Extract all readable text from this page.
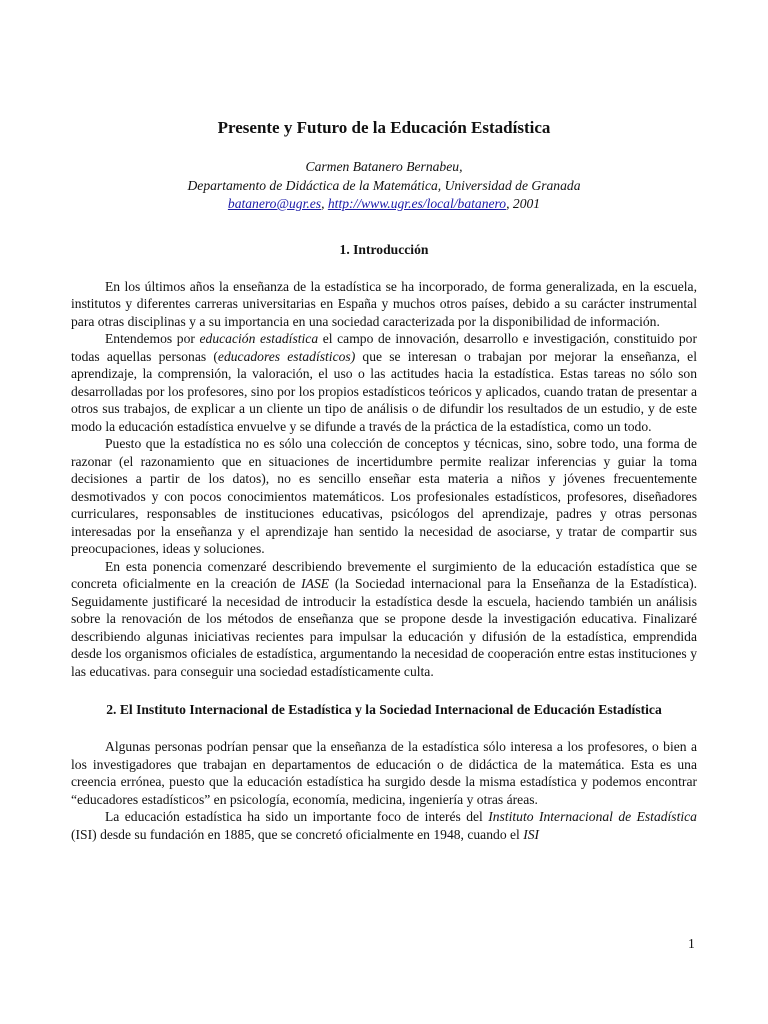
Presente y Futuro de la Educación Estadística
Carmen Batanero Bernabeu,
Departamento de Didáctica de la Matemática, Universidad de Granada
batanero@ugr.es, http://www.ugr.es/local/batanero, 2001
1. Introducción

En los últimos años la enseñanza de la estadística se ha incorporado, de forma generalizada, en la escuela, institutos y diferentes carreras universitarias en España y muchos otros países, debido a su carácter instrumental para otras disciplinas y a su importancia en una sociedad caracterizada por la disponibilidad de información.

Entendemos por educación estadística el campo de innovación, desarrollo e investigación, constituido por todas aquellas personas (educadores estadísticos) que se interesan o trabajan por mejorar la enseñanza, el aprendizaje, la comprensión, la valoración, el uso o las actitudes hacia la estadística. Estas tareas no sólo son desarrolladas por los profesores, sino por los propios estadísticos teóricos y aplicados, cuando tratan de presentar a otros sus trabajos, de explicar a un cliente un tipo de análisis o de difundir los resultados de un estudio, y de este modo la educación estadística envuelve y se difunde a través de la práctica de la estadística, como un todo.

Puesto que la estadística no es sólo una colección de conceptos y técnicas, sino, sobre todo, una forma de razonar (el razonamiento que en situaciones de incertidumbre permite realizar inferencias y guiar la toma decisiones a partir de los datos), no es sencillo enseñar esta materia a niños y jóvenes frecuentemente desmotivados y con pocos conocimientos matemáticos. Los profesionales estadísticos, profesores, diseñadores curriculares, responsables de instituciones educativas, psicólogos del aprendizaje, padres y otras personas interesadas por la enseñanza y el aprendizaje han sentido la necesidad de asociarse, y tratar de compartir sus preocupaciones, ideas y soluciones.

En esta ponencia comenzaré describiendo brevemente el surgimiento de la educación estadística que se concreta oficialmente en la creación de IASE (la Sociedad internacional para la Enseñanza de la Estadística). Seguidamente justificaré la necesidad de introducir la estadística desde la escuela, haciendo también un análisis sobre la renovación de los métodos de enseñanza que se propone desde la investigación educativa. Finalizaré describiendo algunas iniciativas recientes para impulsar la educación y difusión de la estadística, emprendida desde los organismos oficiales de estadística, argumentando la necesidad de cooperación entre estas instituciones y las educativas. para conseguir una sociedad estadísticamente culta.

2. El Instituto Internacional de Estadística y la Sociedad Internacional de Educación Estadística

Algunas personas podrían pensar que la enseñanza de la estadística sólo interesa a los profesores, o bien a los investigadores que trabajan en departamentos de educación o de didáctica de la matemática. Esta es una creencia errónea, puesto que la educación estadística ha surgido desde la misma estadística y podemos encontrar “educadores estadísticos” en psicología, economía, medicina, ingeniería y otras áreas.

La educación estadística ha sido un importante foco de interés del Instituto Internacional de Estadística (ISI) desde su fundación en 1885, que se concretó oficialmente en 1948, cuando el ISI

1
